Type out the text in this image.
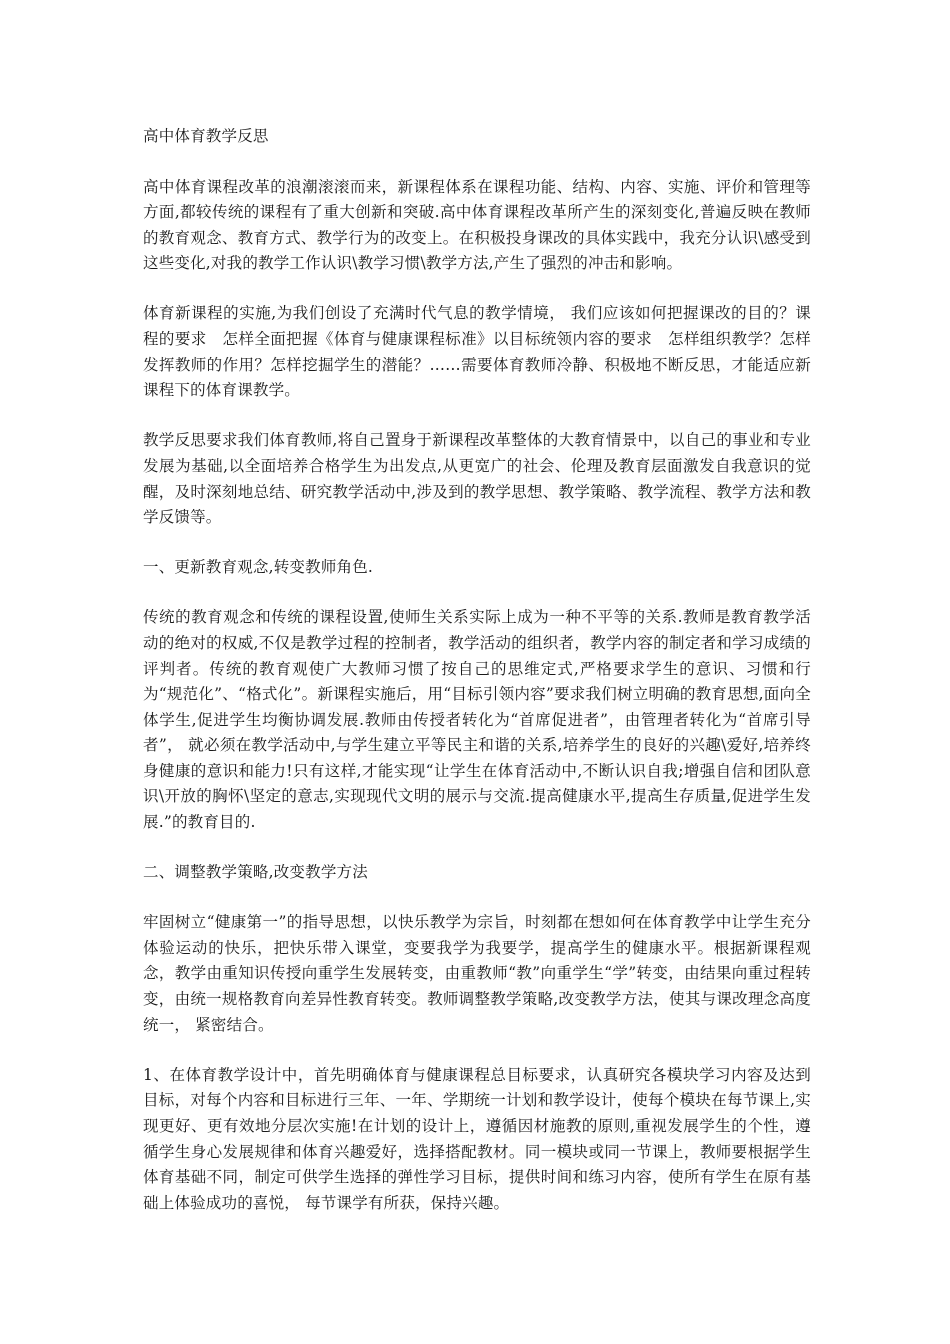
高中体育教学反思

高中体育课程改革的浪潮滚滚而来，新课程体系在课程功能、结构、内容、实施、评价和管理等方面,都较传统的课程有了重大创新和突破.高中体育课程改革所产生的深刻变化,普遍反映在教师的教育观念、教育方式、教学行为的改变上。在积极投身课改的具体实践中，我充分认识\感受到这些变化,对我的教学工作认识\教学习惯\教学方法,产生了强烈的冲击和影响。

体育新课程的实施,为我们创设了充满时代气息的教学情境， 我们应该如何把握课改的目的？课程的要求　怎样全面把握《体育与健康课程标准》以目标统领内容的要求　怎样组织教学？怎样发挥教师的作用？怎样挖掘学生的潜能？……需要体育教师冷静、积极地不断反思，才能适应新课程下的体育课教学。

教学反思要求我们体育教师,将自己置身于新课程改革整体的大教育情景中，以自己的事业和专业发展为基础,以全面培养合格学生为出发点,从更宽广的社会、伦理及教育层面激发自我意识的觉醒，及时深刻地总结、研究教学活动中,涉及到的教学思想、教学策略、教学流程、教学方法和教学反馈等。

一、更新教育观念,转变教师角色.

传统的教育观念和传统的课程设置,使师生关系实际上成为一种不平等的关系.教师是教育教学活动的绝对的权威,不仅是教学过程的控制者，教学活动的组织者，教学内容的制定者和学习成绩的评判者。传统的教育观使广大教师习惯了按自己的思维定式,严格要求学生的意识、习惯和行为“规范化”、“格式化”。新课程实施后，用“目标引领内容”要求我们树立明确的教育思想,面向全体学生,促进学生均衡协调发展.教师由传授者转化为“首席促进者”，由管理者转化为“首席引导者”， 就必须在教学活动中,与学生建立平等民主和谐的关系,培养学生的良好的兴趣\爱好,培养终身健康的意识和能力!只有这样,才能实现“让学生在体育活动中,不断认识自我;增强自信和团队意识\开放的胸怀\坚定的意志,实现现代文明的展示与交流.提高健康水平,提高生存质量,促进学生发展.”的教育目的.

二、调整教学策略,改变教学方法

牢固树立“健康第一”的指导思想，以快乐教学为宗旨，时刻都在想如何在体育教学中让学生充分体验运动的快乐，把快乐带入课堂，变要我学为我要学，提高学生的健康水平。根据新课程观念，教学由重知识传授向重学生发展转变，由重教师“教”向重学生“学”转变，由结果向重过程转变，由统一规格教育向差异性教育转变。教师调整教学策略,改变教学方法，使其与课改理念高度统一， 紧密结合。

1、在体育教学设计中，首先明确体育与健康课程总目标要求，认真研究各模块学习内容及达到目标，对每个内容和目标进行三年、一年、学期统一计划和教学设计，使每个模块在每节课上,实现更好、更有效地分层次实施!在计划的设计上，遵循因材施教的原则,重视发展学生的个性，遵循学生身心发展规律和体育兴趣爱好，选择搭配教材。同一模块或同一节课上，教师要根据学生体育基础不同，制定可供学生选择的弹性学习目标，提供时间和练习内容，使所有学生在原有基础上体验成功的喜悦， 每节课学有所获，保持兴趣。
